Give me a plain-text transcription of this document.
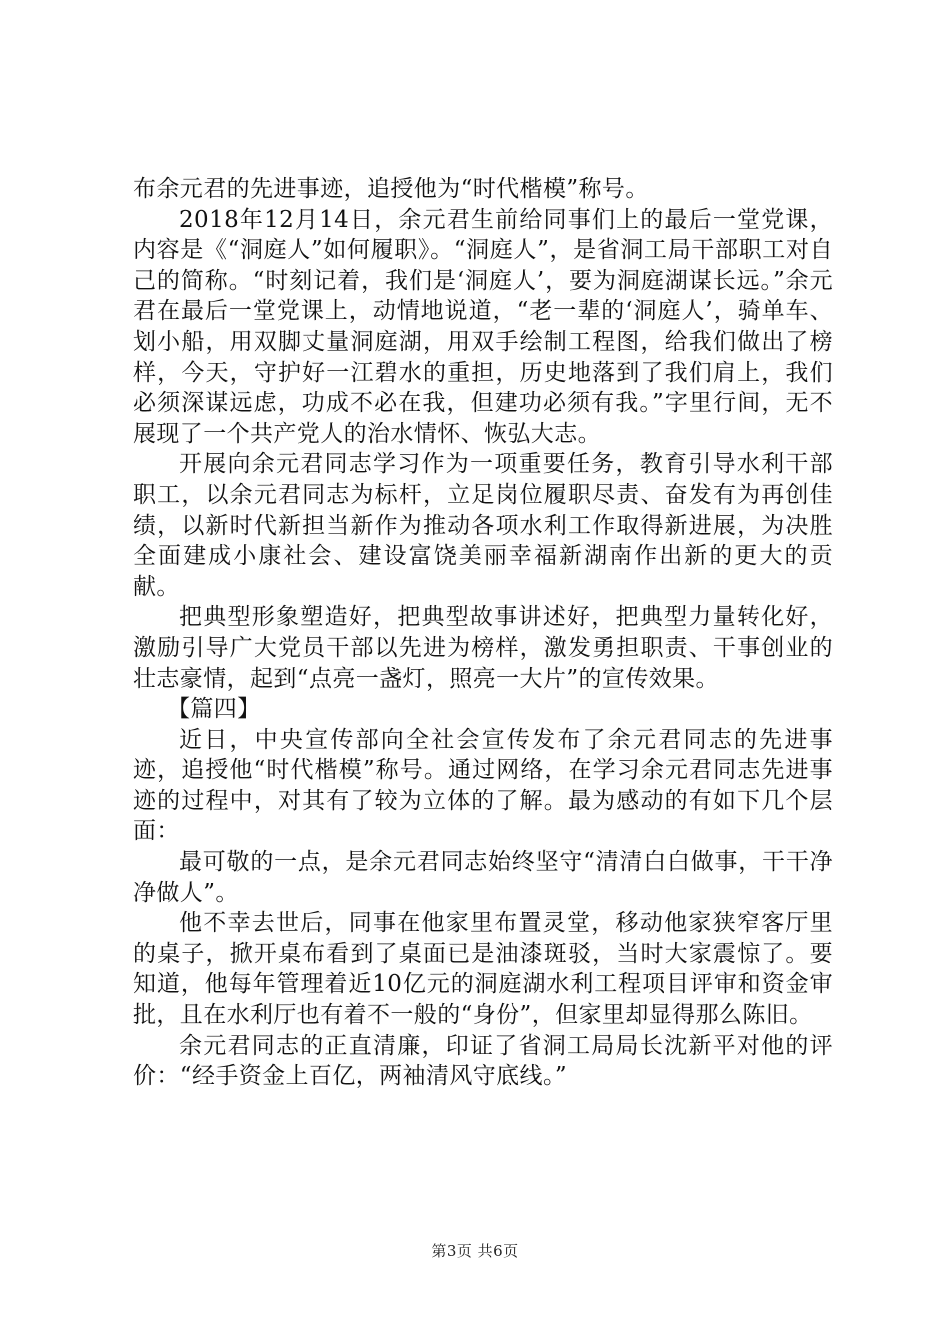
布余元君的先进事迹，追授他为“时代楷模”称号。

2018年12月14日，余元君生前给同事们上的最后一堂党课，内容是《“洞庭人”如何履职》。“洞庭人”，是省洞工局干部职工对自己的简称。“时刻记着，我们是‘洞庭人’，要为洞庭湖谋长远。”余元君在最后一堂党课上，动情地说道，“老一辈的‘洞庭人’，骑单车、划小船，用双脚丈量洞庭湖，用双手绘制工程图，给我们做出了榜样，今天，守护好一江碧水的重担，历史地落到了我们肩上，我们必须深谋远虑，功成不必在我，但建功必须有我。”字里行间，无不展现了一个共产党人的治水情怀、恢弘大志。

开展向余元君同志学习作为一项重要任务，教育引导水利干部职工，以余元君同志为标杆，立足岗位履职尽责、奋发有为再创佳绩，以新时代新担当新作为推动各项水利工作取得新进展，为决胜全面建成小康社会、建设富饶美丽幸福新湖南作出新的更大的贡献。

把典型形象塑造好，把典型故事讲述好，把典型力量转化好，激励引导广大党员干部以先进为榜样，激发勇担职责、干事创业的壮志豪情，起到“点亮一盏灯，照亮一大片”的宣传效果。

【篇四】

近日，中央宣传部向全社会宣传发布了余元君同志的先进事迹，追授他“时代楷模”称号。通过网络，在学习余元君同志先进事迹的过程中，对其有了较为立体的了解。最为感动的有如下几个层面：

最可敬的一点，是余元君同志始终坚守“清清白白做事，干干净净做人”。

他不幸去世后，同事在他家里布置灵堂，移动他家狭窄客厅里的桌子，掀开桌布看到了桌面已是油漆斑驳，当时大家震惊了。要知道，他每年管理着近10亿元的洞庭湖水利工程项目评审和资金审批，且在水利厅也有着不一般的“身份”，但家里却显得那么陈旧。

余元君同志的正直清廉，印证了省洞工局局长沈新平对他的评价：“经手资金上百亿，两袖清风守底线。”

第3页 共6页
